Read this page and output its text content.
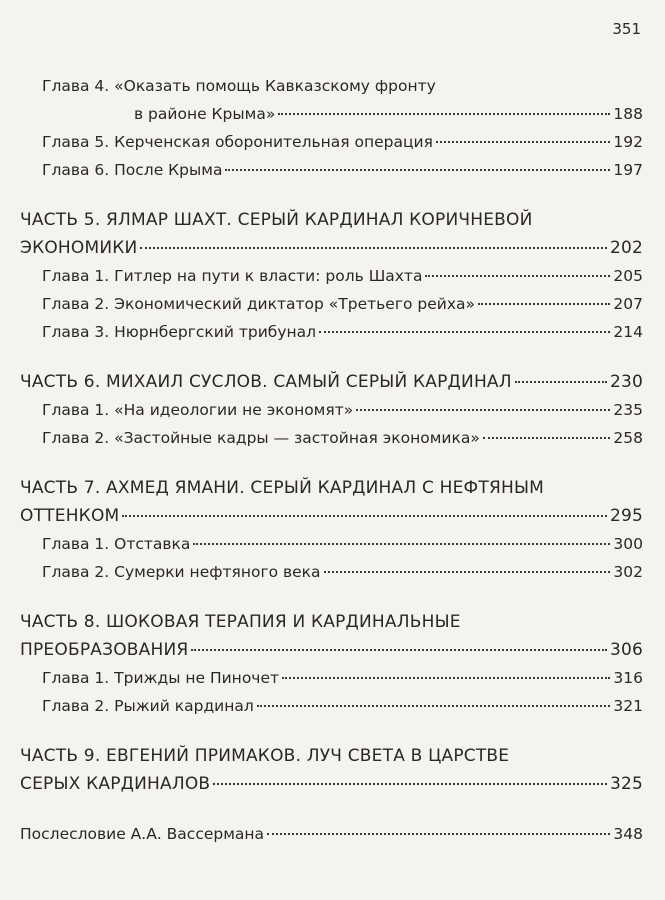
351
Глава 4. «Оказать помощь Кавказскому фронту
в районе Крыма»	188
Глава 5. Керченская оборонительная операция	192
Глава 6. После Крыма	197
ЧАСТЬ 5. ЯЛМАР ШАХТ. СЕРЫЙ КАРДИНАЛ КОРИЧНЕВОЙ
ЭКОНОМИКИ	202
Глава 1. Гитлер на пути к власти: роль Шахта	205
Глава 2. Экономический диктатор «Третьего рейха»	207
Глава 3. Нюрнбергский трибунал	214
ЧАСТЬ 6. МИХАИЛ СУСЛОВ. САМЫЙ СЕРЫЙ КАРДИНАЛ	230
Глава 1. «На идеологии не экономят»	235
Глава 2. «Застойные кадры — застойная экономика»	258
ЧАСТЬ 7. АХМЕД ЯМАНИ. СЕРЫЙ КАРДИНАЛ С НЕФТЯНЫМ
ОТТЕНКОМ	295
Глава 1. Отставка	300
Глава 2. Сумерки нефтяного века	302
ЧАСТЬ 8. ШОКОВАЯ ТЕРАПИЯ И КАРДИНАЛЬНЫЕ
ПРЕОБРАЗОВАНИЯ	306
Глава 1. Трижды не Пиночет	316
Глава 2. Рыжий кардинал	321
ЧАСТЬ 9. ЕВГЕНИЙ ПРИМАКОВ. ЛУЧ СВЕТА В ЦАРСТВЕ
СЕРЫХ КАРДИНАЛОВ	325
Послесловие А.А. Вассермана	348
